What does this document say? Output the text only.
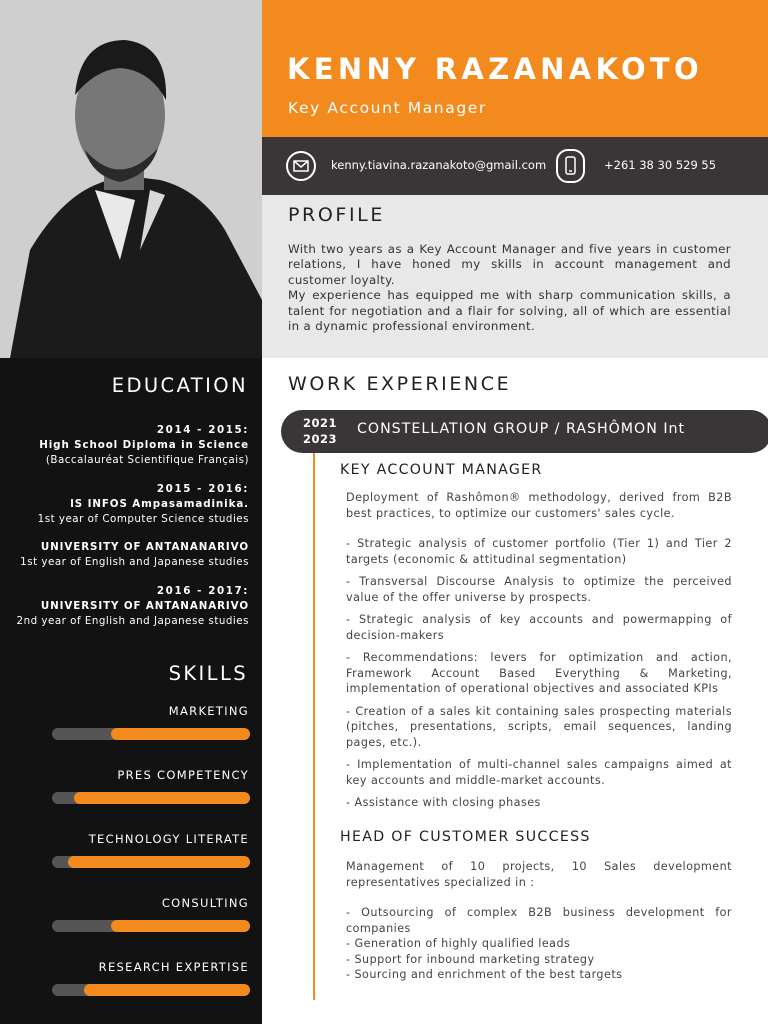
KENNY RAZANAKOTO
Key Account Manager
kenny.tiavina.razanakoto@gmail.com	+261 38 30 529 55
PROFILE

With two years as a Key Account Manager and five years in customer relations, I have honed my skills in account management and customer loyalty.

My experience has equipped me with sharp communication skills, a talent for negotiation and a flair for solving, all of which are essential in a dynamic professional environment.

EDUCATION
2014 - 2015:
High School Diploma in Science
(Baccalauréat Scientifique Français)
2015 - 2016:
IS INFOS Ampasamadinika.
1st year of Computer Science studies
UNIVERSITY OF ANTANANARIVO
1st year of English and Japanese studies
2016 - 2017:
UNIVERSITY OF ANTANANARIVO
2nd year of English and Japanese studies
SKILLS
MARKETING
PRES COMPETENCY
TECHNOLOGY LITERATE
CONSULTING
RESEARCH EXPERTISE
WORK EXPERIENCE
2021
2023
CONSTELLATION GROUP / RASHÔMON Int
KEY ACCOUNT MANAGER

Deployment of Rashômon® methodology, derived from B2B best practices, to optimize our customers' sales cycle.

- Strategic analysis of customer portfolio (Tier 1) and Tier 2 targets (economic & attitudinal segmentation)

- Transversal Discourse Analysis to optimize the perceived value of the offer universe by prospects.

- Strategic analysis of key accounts and powermapping of decision-makers

- Recommendations: levers for optimization and action, Framework Account Based Everything & Marketing, implementation of operational objectives and associated KPIs

- Creation of a sales kit containing sales prospecting materials (pitches, presentations, scripts, email sequences, landing pages, etc.).

- Implementation of multi-channel sales campaigns aimed at key accounts and middle-market accounts.

- Assistance with closing phases

HEAD OF CUSTOMER SUCCESS

Management of 10 projects, 10 Sales development representatives specialized in :

- Outsourcing of complex B2B business development for companies

- Generation of highly qualified leads

- Support for inbound marketing strategy

- Sourcing and enrichment of the best targets
